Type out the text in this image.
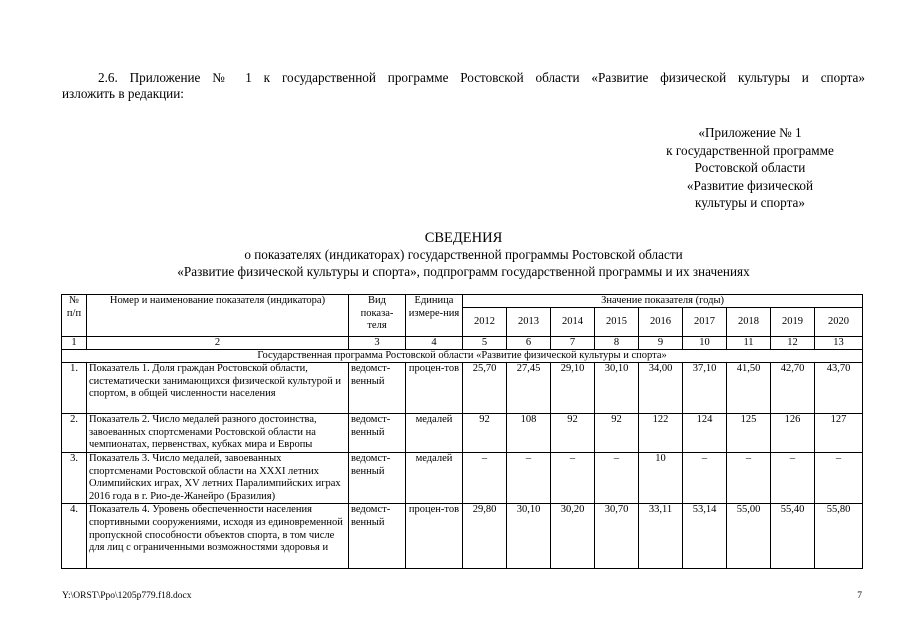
2.6. Приложение № 1 к государственной программе Ростовской области «Развитие физической культуры и спорта»
изложить в редакции:
«Приложение № 1
к государственной программе
Ростовской области
«Развитие физической
культуры и спорта»
СВЕДЕНИЯ
о показателях (индикаторах) государственной программы Ростовской области
«Развитие физической культуры и спорта», подпрограмм государственной программы и их значениях
№ п/п	Номер и наименование показателя (индикатора)	Вид показа-теля	Единица измере-ния	Значение показателя (годы)								
				2012	2013	2014	2015	2016	2017	2018	2019	2020
1	2	3	4	5	6	7	8	9	10	11	12	13
Государственная программа Ростовской области «Развитие физической культуры и спорта»												
1.	Показатель 1. Доля граждан Ростовской области, систематически занимающихся физической культурой и спортом, в общей численности населения	ведомст-венный	процен-тов	25,70	27,45	29,10	30,10	34,00	37,10	41,50	42,70	43,70
2.	Показатель 2. Число медалей разного достоинства, завоеванных спортсменами Ростовской области на чемпионатах, первенствах, кубках мира и Европы	ведомст-венный	медалей	92	108	92	92	122	124	125	126	127
3.	Показатель 3. Число медалей, завоеванных спортсменами Ростовской области на XXXI летних Олимпийских играх, XV летних Паралимпийских играх 2016 года в г. Рио-де-Жанейро (Бразилия)	ведомст-венный	медалей	–	–	–	–	10	–	–	–	–
4.	Показатель 4. Уровень обеспеченности населения спортивными сооружениями, исходя из единовременной пропускной способности объектов спорта, в том числе для лиц с ограниченными возможностями здоровья и	ведомст-венный	процен-тов	29,80	30,10	30,20	30,70	33,11	53,14	55,00	55,40	55,80
Y:\ORST\Ppo\1205p779.f18.docx	7
